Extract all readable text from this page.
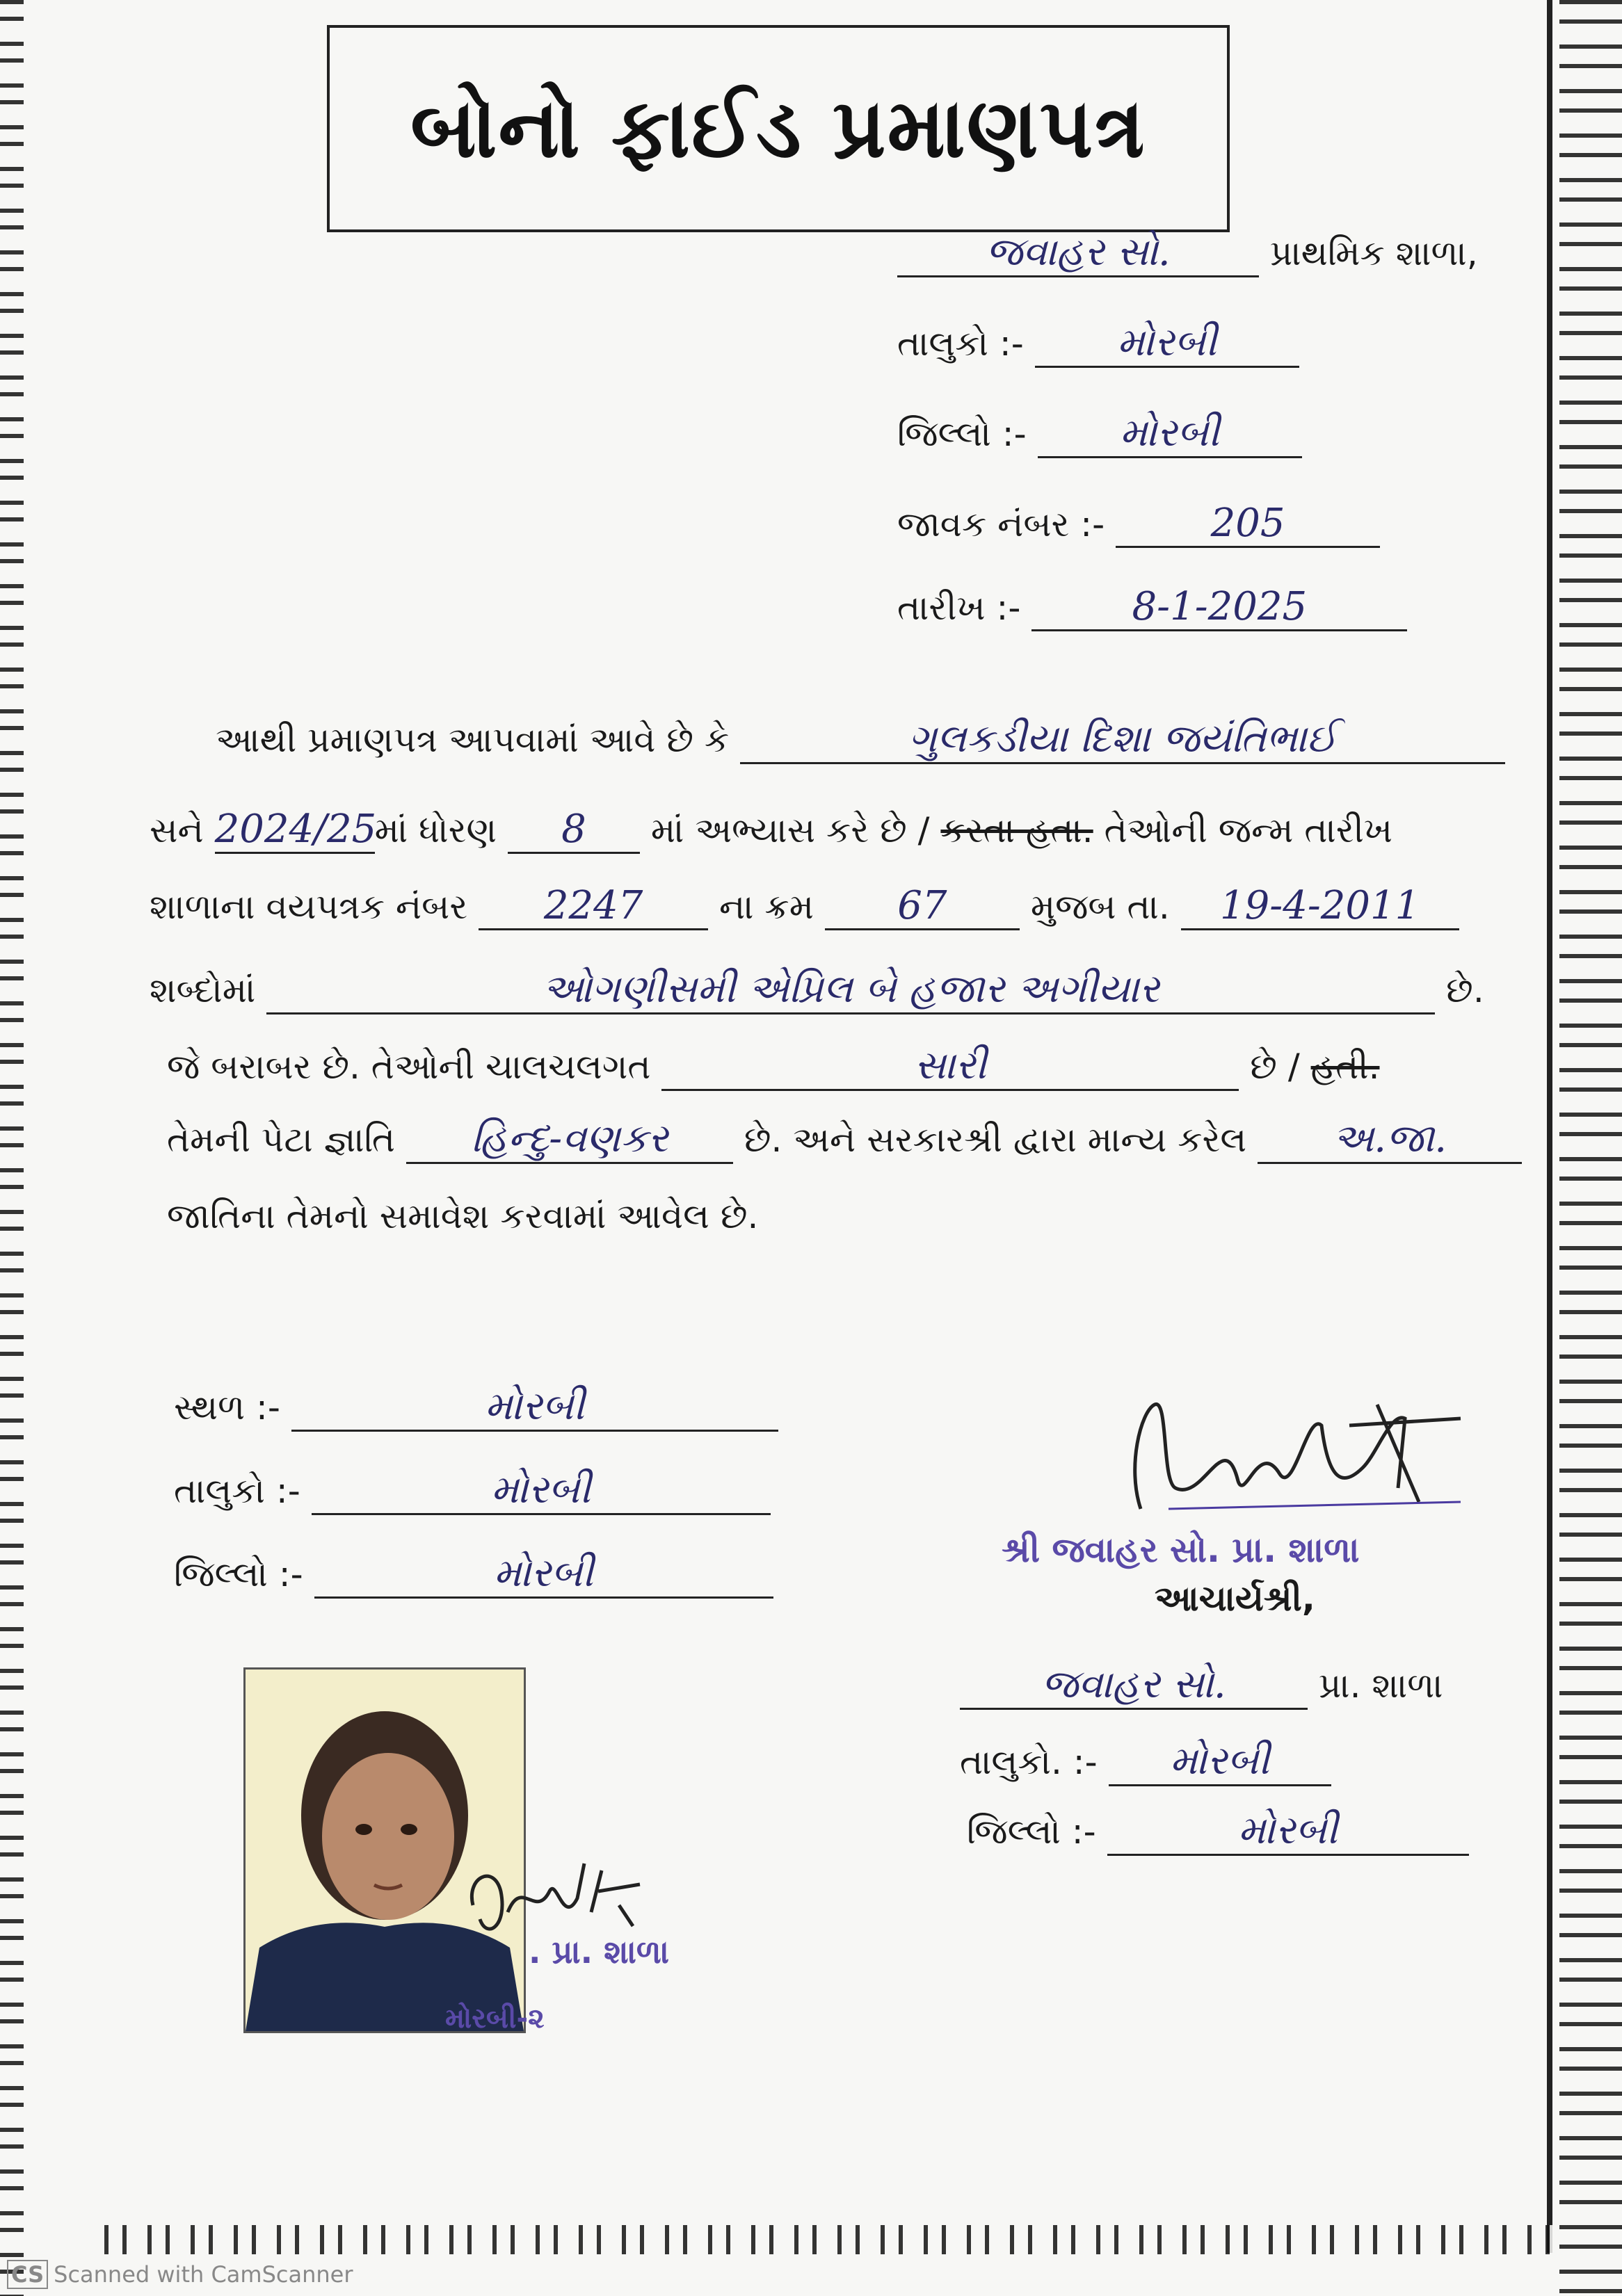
બોનો ફાઈડ પ્રમાણપત્ર
જવાહર સો.	પ્રાથમિક શાળા,
તાલુકો :- મોરબી
જિલ્લો :- મોરબી
જાવક નંબર :-	205
તારીખ :-	8-1-2025
આથી પ્રમાણપત્ર આપવામાં આવે છે કે	ગુલકડીયા દિશા જયંતિભાઈ
સને 2024/25માં ધોરણ 8 માં અભ્યાસ કરે છે / કરતા હતા. તેઓની જન્મ તારીખ
શાળાના વયપત્રક નંબર 2247 ના ક્રમ 67 મુજબ તા. 19-4-2011
શબ્દોમાં	ઓગણીસમી એપ્રિલ બે હજાર અગીયાર	છે.
જે બરાબર છે. તેઓની ચાલચલગત	સારી	છે / હતી.
તેમની પેટા જ્ઞાતિ હિન્દુ-વણકર છે. અને સરકારશ્રી દ્વારા માન્ય કરેલ અ.જા.
જાતિના તેમનો સમાવેશ કરવામાં આવેલ છે.
સ્થળ :-	મોરબી
તાલુકો :-	મોરબી
જિલ્લો :-	મોરબી
શ્રી જવાહર સો. પ્રા. શાળા
આચાર્યશ્રી,
જવાહર સો.	પ્રા. શાળા
તાલુકો. :- મોરબી
જિલ્લો :-	મોરબી
. પ્રા. શાળા
મોરબી-૨
CS Scanned with CamScanner
